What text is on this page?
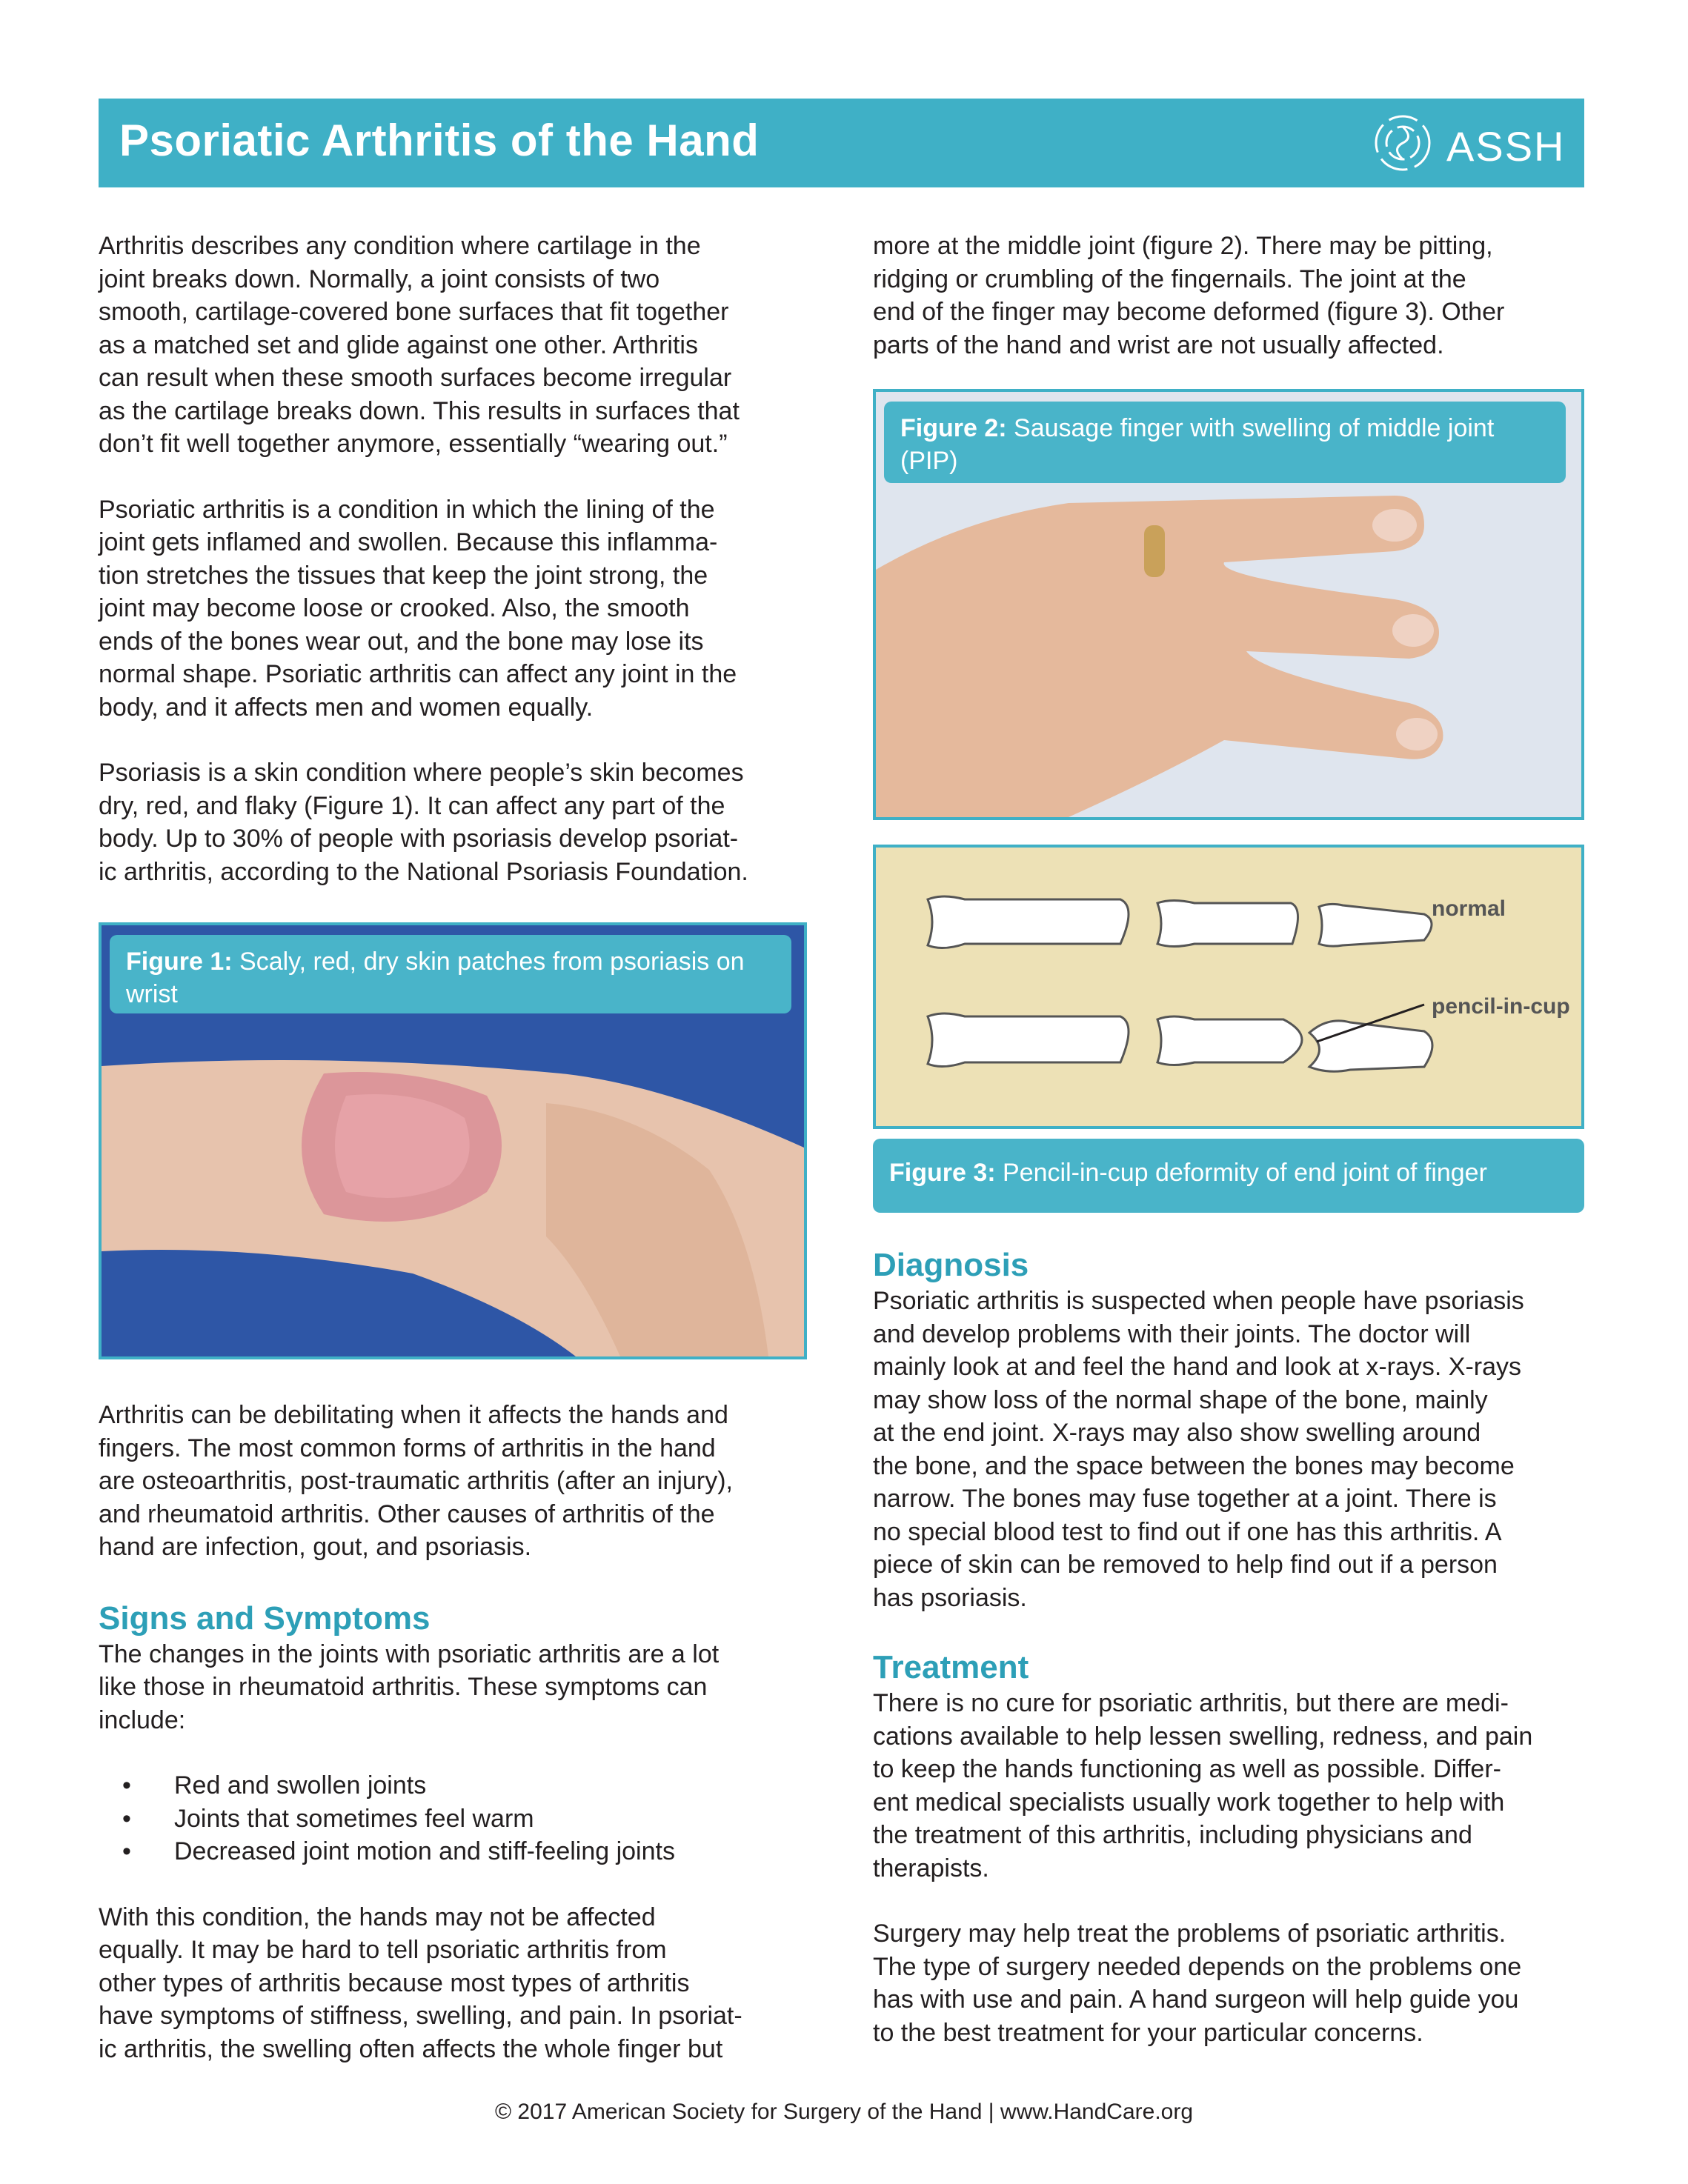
Psoriatic Arthritis of the Hand	ASSH

Arthritis describes any condition where cartilage in the
joint breaks down. Normally, a joint consists of two
smooth, cartilage-covered bone surfaces that fit together
as a matched set and glide against one other. Arthritis
can result when these smooth surfaces become irregular
as the cartilage breaks down. This results in surfaces that
don’t fit well together anymore, essentially “wearing out.”

Psoriatic arthritis is a condition in which the lining of the
joint gets inflamed and swollen. Because this inflamma-
tion stretches the tissues that keep the joint strong, the
joint may become loose or crooked. Also, the smooth
ends of the bones wear out, and the bone may lose its
normal shape. Psoriatic arthritis can affect any joint in the
body, and it affects men and women equally.

Psoriasis is a skin condition where people’s skin becomes
dry, red, and flaky (Figure 1). It can affect any part of the
body. Up to 30% of people with psoriasis develop psoriat-
ic arthritis, according to the National Psoriasis Foundation.

Figure 1: Scaly, red, dry skin patches from psoriasis on wrist

Arthritis can be debilitating when it affects the hands and
fingers. The most common forms of arthritis in the hand
are osteoarthritis, post-traumatic arthritis (after an injury),
and rheumatoid arthritis. Other causes of arthritis of the
hand are infection, gout, and psoriasis.

Signs and Symptoms

The changes in the joints with psoriatic arthritis are a lot
like those in rheumatoid arthritis. These symptoms can
include:

• Red and swollen joints
• Joints that sometimes feel warm
• Decreased joint motion and stiff-feeling joints

With this condition, the hands may not be affected
equally. It may be hard to tell psoriatic arthritis from
other types of arthritis because most types of arthritis
have symptoms of stiffness, swelling, and pain. In psoriat-
ic arthritis, the swelling often affects the whole finger but

more at the middle joint (figure 2). There may be pitting,
ridging or crumbling of the fingernails. The joint at the
end of the finger may become deformed (figure 3). Other
parts of the hand and wrist are not usually affected.

Figure 2: Sausage finger with swelling of middle joint (PIP)
normal
pencil-in-cup
Figure 3: Pencil-in-cup deformity of end joint of finger
Diagnosis

Psoriatic arthritis is suspected when people have psoriasis
and develop problems with their joints. The doctor will
mainly look at and feel the hand and look at x-rays. X-rays
may show loss of the normal shape of the bone, mainly
at the end joint. X-rays may also show swelling around
the bone, and the space between the bones may become
narrow. The bones may fuse together at a joint. There is
no special blood test to find out if one has this arthritis. A
piece of skin can be removed to help find out if a person
has psoriasis.

Treatment

There is no cure for psoriatic arthritis, but there are medi-
cations available to help lessen swelling, redness, and pain
to keep the hands functioning as well as possible. Differ-
ent medical specialists usually work together to help with
the treatment of this arthritis, including physicians and
therapists.

Surgery may help treat the problems of psoriatic arthritis.
The type of surgery needed depends on the problems one
has with use and pain. A hand surgeon will help guide you
to the best treatment for your particular concerns.

© 2017 American Society for Surgery of the Hand | www.HandCare.org
